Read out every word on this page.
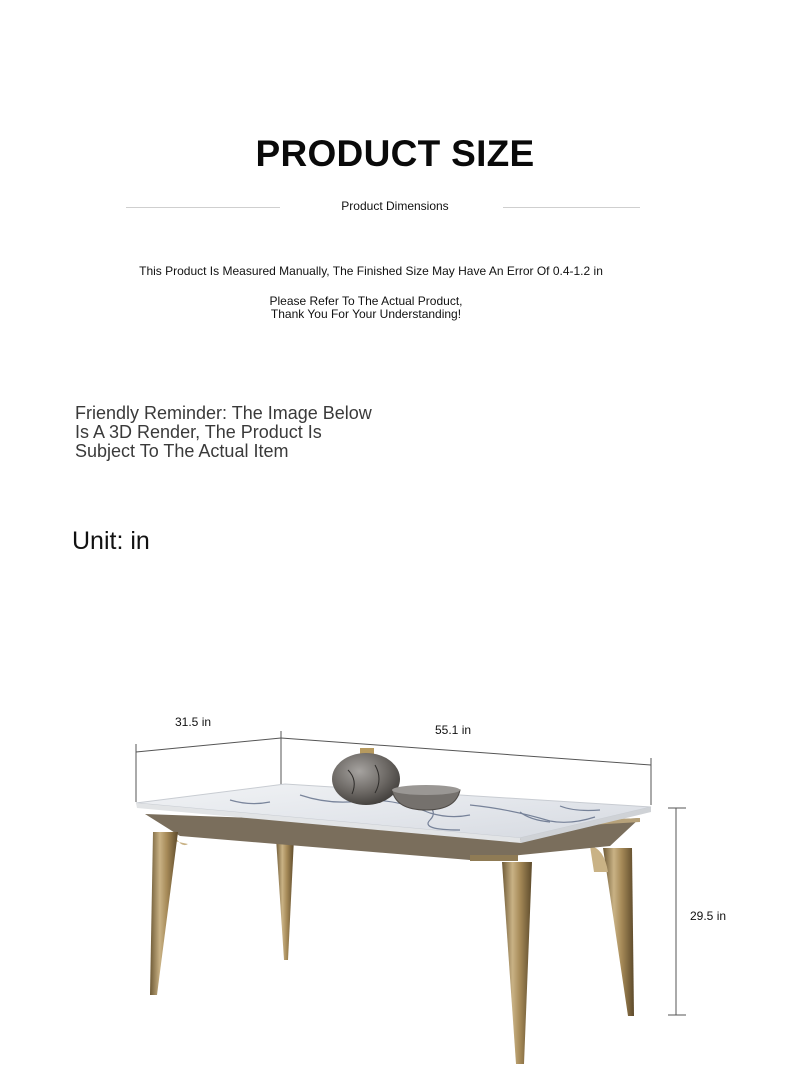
PRODUCT SIZE
Product Dimensions
This Product Is Measured Manually, The Finished Size May Have An Error Of 0.4-1.2 in
Please Refer To The Actual Product,
Thank You For Your Understanding!
Friendly Reminder: The Image Below
Is A 3D Render, The Product Is
Subject To The Actual Item
Unit: in
31.5 in
55.1 in
29.5 in
